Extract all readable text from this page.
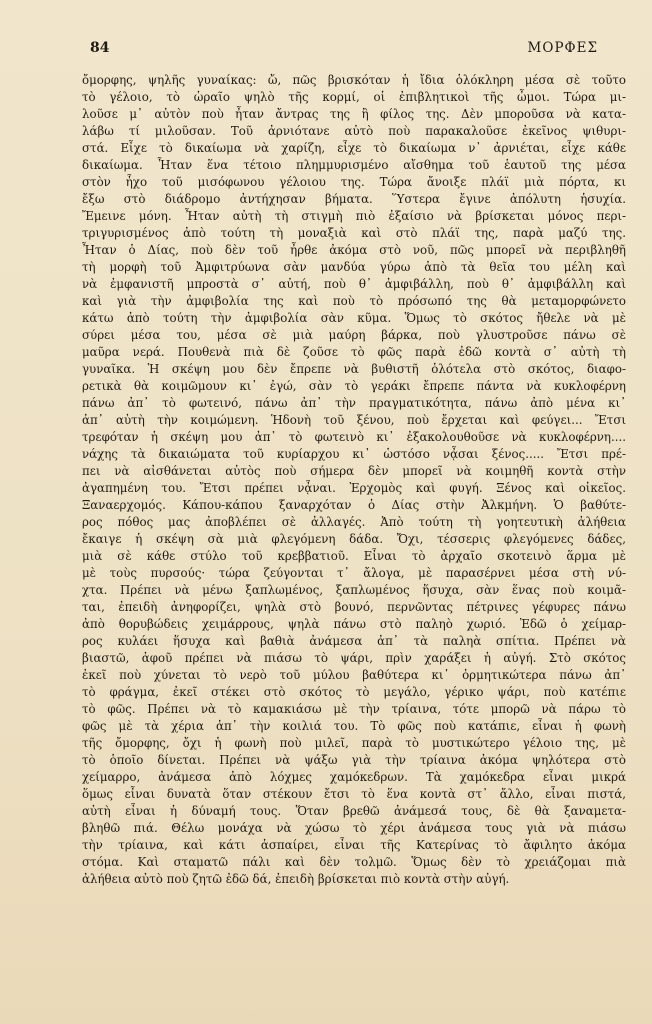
84	ΜΟΡΦΕΣ
ὄμορφης, ψηλῆς γυναίκας: ὤ, πῶς βρισκόταν ἡ ἴδια ὁλόκληρη μέσα σὲ τοῦτο
τὸ γέλοιο, τὸ ὡραῖο ψηλὸ τῆς κορμί, οἱ ἐπιβλητικοὶ τῆς ὦμοι. Τώρα μι-
λοῦσε μ᾽ αὐτὸν ποὺ ἦταν ἄντρας της ἢ φίλος της. Δὲν μποροῦσα νὰ κατα-
λάβω τί μιλοῦσαν. Τοῦ ἀρνιότανε αὐτὸ ποὺ παρακαλοῦσε ἐκεῖνος ψιθυρι-
στά. Εἶχε τὸ δικαίωμα νὰ χαρίζη, εἶχε τὸ δικαίωμα ν᾽ ἀρνιέται, εἶχε κάθε
δικαίωμα. Ἦταν ἕνα τέτοιο πλημμυρισμένο αἴσθημα τοῦ ἑαυτοῦ της μέσα
στὸν ἦχο τοῦ μισόφωνου γέλοιου της. Τώρα ἄνοιξε πλάϊ μιὰ πόρτα, κι
ἔξω στὸ διάδρομο ἀντήχησαν βήματα. Ὕστερα ἔγινε ἀπόλυτη ἡσυχία.
Ἔμεινε μόνη. Ἦταν αὐτὴ τὴ στιγμὴ πιὸ ἐξαίσιο νὰ βρίσκεται μόνος περι-
τριγυρισμένος ἀπὸ τούτη τὴ μοναξιὰ καὶ στὸ πλάϊ της, παρὰ μαζύ της.
Ἦταν ὁ Δίας, ποὺ δὲν τοῦ ἦρθε ἀκόμα στὸ νοῦ, πῶς μπορεῖ νὰ περιβληθῆ
τὴ μορφὴ τοῦ Ἀμφιτρύωνα σὰν μανδύα γύρω ἀπὸ τὰ θεῖα του μέλη καὶ
νὰ ἐμφανιστῆ μπροστὰ σ᾽ αὐτή, ποὺ θ᾽ ἀμφιβάλλη, ποὺ θ᾽ ἀμφιβάλλη καὶ
καὶ γιὰ τὴν ἀμφιβολία της καὶ ποὺ τὸ πρόσωπό της θὰ μεταμορφώνετο
κάτω ἀπὸ τούτη τὴν ἀμφιβολία σὰν κῦμα. Ὅμως τὸ σκότος ἤθελε νὰ μὲ
σύρει μέσα του, μέσα σὲ μιὰ μαύρη βάρκα, ποὺ γλυστροῦσε πάνω σὲ
μαῦρα νερά. Πουθενὰ πιὰ δὲ ζοῦσε τὸ φῶς παρὰ ἐδῶ κοντὰ σ᾽ αὐτὴ τὴ
γυναῖκα. Ἡ σκέψη μου δὲν ἔπρεπε νὰ βυθιστῆ ὁλότελα στὸ σκότος, διαφο-
ρετικὰ θὰ κοιμῶμουν κι᾽ ἐγώ, σὰν τὸ γεράκι ἔπρεπε πάντα νὰ κυκλοφέρνη
πάνω ἀπ᾽ τὸ φωτεινό, πάνω ἀπ᾽ τὴν πραγματικότητα, πάνω ἀπὸ μένα κι᾽
ἀπ᾽ αὐτὴ τὴν κοιμώμενη. Ἡδονὴ τοῦ ξένου, ποὺ ἔρχεται καὶ φεύγει... Ἔτσι
τρεφόταν ἡ σκέψη μου ἀπ᾽ τὸ φωτεινὸ κι᾽ ἐξακολουθοῦσε νὰ κυκλοφέρνη....
νάχης τὰ δικαιώματα τοῦ κυρίαρχου κι᾽ ὡστόσο νᾆσαι ξένος..... Ἔτσι πρέ-
πει νὰ αἰσθάνεται αὐτὸς ποὺ σήμερα δὲν μπορεῖ νὰ κοιμηθῆ κοντὰ στὴν
ἀγαπημένη του. Ἔτσι πρέπει νᾆναι. Ἐρχομὸς καὶ φυγή. Ξένος καὶ οἰκεῖος.
Ξαναερχομός. Κάπου-κάπου ξαναρχόταν ὁ Δίας στὴν Ἀλκμήνη. Ὁ βαθύτε-
ρος πόθος μας ἀποβλέπει σὲ ἀλλαγές. Ἀπὸ τούτη τὴ γοητευτικὴ ἀλήθεια
ἔκαιγε ἡ σκέψη σὰ μιὰ φλεγόμενη δάδα. Ὄχι, τέσσερις φλεγόμενες δάδες,
μιὰ σὲ κάθε στύλο τοῦ κρεββατιοῦ. Εἶναι τὸ ἀρχαῖο σκοτεινὸ ἅρμα μὲ
μὲ τοὺς πυρσούς· τώρα ζεύγονται τ᾽ ἄλογα, μὲ παρασέρνει μέσα στὴ νύ-
χτα. Πρέπει νὰ μένω ξαπλωμένος, ξαπλωμένος ἥσυχα, σὰν ἕνας ποὺ κοιμᾶ-
ται, ἐπειδὴ ἀνηφορίζει, ψηλὰ στὸ βουνό, περνῶντας πέτρινες γέφυρες πάνω
ἀπὸ θορυβώδεις χειμάρρους, ψηλὰ πάνω στὸ παληὸ χωριό. Ἐδῶ ὁ χείμαρ-
ρος κυλάει ἥσυχα καὶ βαθιὰ ἀνάμεσα ἀπ᾽ τὰ παληὰ σπίτια. Πρέπει νὰ
βιαστῶ, ἀφοῦ πρέπει νὰ πιάσω τὸ ψάρι, πρὶν χαράξει ἡ αὐγή. Στὸ σκότος
ἐκεῖ ποὺ χύνεται τὸ νερὸ τοῦ μύλου βαθύτερα κι᾽ ὁρμητικώτερα πάνω ἀπ᾽
τὸ φράγμα, ἐκεῖ στέκει στὸ σκότος τὸ μεγάλο, γέρικο ψάρι, ποὺ κατέπιε
τὸ φῶς. Πρέπει νὰ τὸ καμακιάσω μὲ τὴν τρίαινα, τότε μπορῶ νὰ πάρω τὸ
φῶς μὲ τὰ χέρια ἀπ᾽ τὴν κοιλιά του. Τὸ φῶς ποὺ κατάπιε, εἶναι ἡ φωνὴ
τῆς ὄμορφης, ὄχι ἡ φωνὴ ποὺ μιλεῖ, παρὰ τὸ μυστικώτερο γέλοιο της, μὲ
τὸ ὁποῖο δίνεται. Πρέπει νὰ ψάξω γιὰ τὴν τρίαινα ἀκόμα ψηλότερα στὸ
χείμαρρο, ἀνάμεσα ἀπὸ λόχμες χαμόκεδρων. Τὰ χαμόκεδρα εἶναι μικρά
ὅμως εἶναι δυνατὰ ὅταν στέκουν ἔτσι τὸ ἕνα κοντὰ στ᾽ ἄλλο, εἶναι πιστά,
αὐτὴ εἶναι ἡ δύναμή τους. Ὅταν βρεθῶ ἀνάμεσά τους, δὲ θὰ ξαναμετα-
βληθῶ πιά. Θέλω μονάχα νὰ χώσω τὸ χέρι ἀνάμεσα τους γιὰ νὰ πιάσω
τὴν τρίαινα, καὶ κάτι ἁσπαίρει, εἶναι τῆς Κατερίνας τὸ ἄφιλητο ἀκόμα
στόμα. Καὶ σταματῶ πάλι καὶ δὲν τολμῶ. Ὅμως δὲν τὸ χρειάζομαι πιὰ
ἀλήθεια αὐτὸ ποὺ ζητῶ ἐδῶ δά, ἐπειδὴ βρίσκεται πιὸ κοντὰ στὴν αὐγή.
